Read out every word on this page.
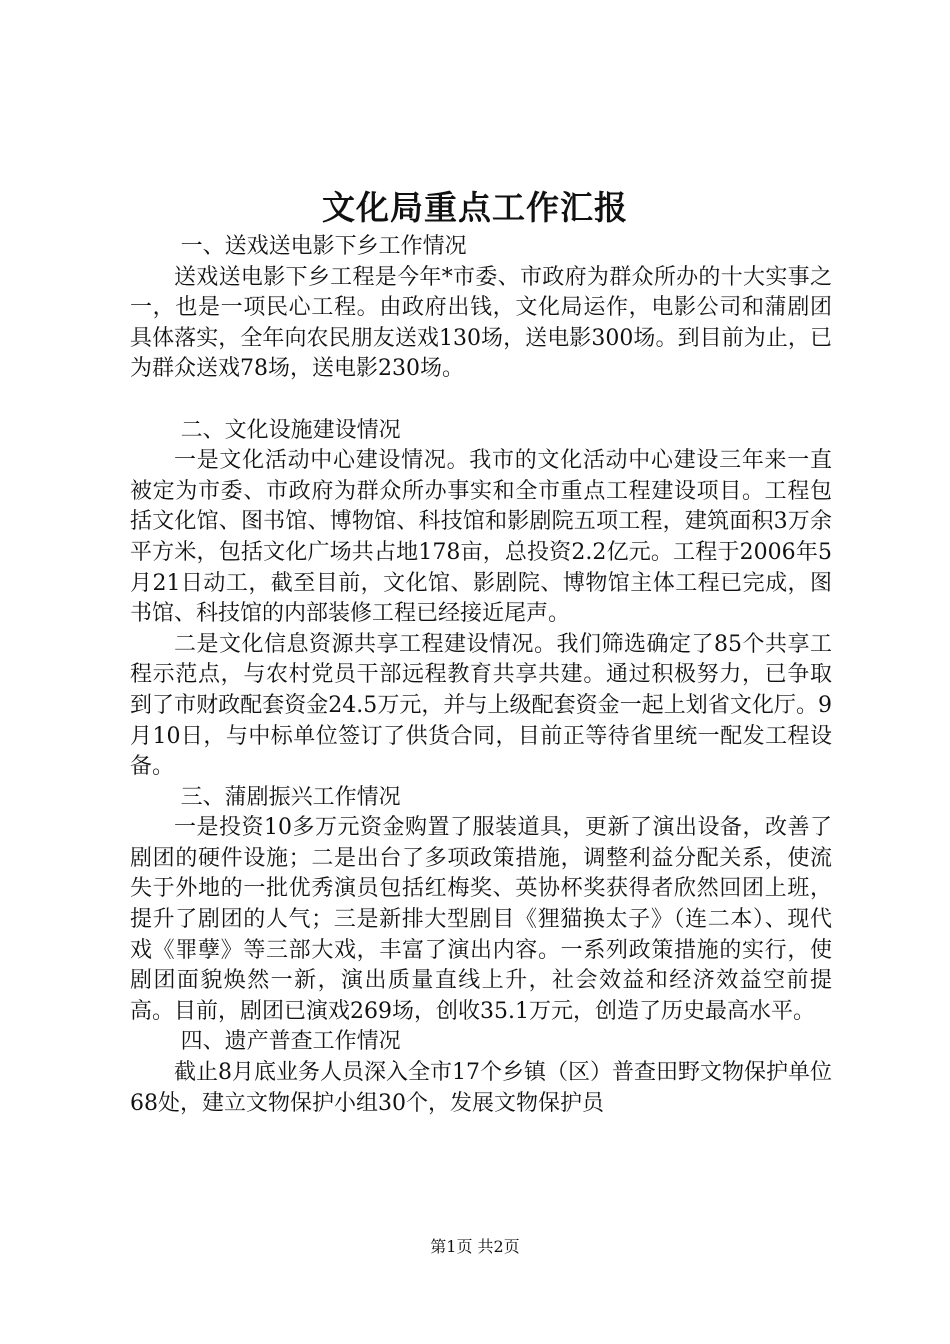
文化局重点工作汇报

一、送戏送电影下乡工作情况

送戏送电影下乡工程是今年*市委、市政府为群众所办的十大实事之一，也是一项民心工程。由政府出钱，文化局运作，电影公司和蒲剧团具体落实，全年向农民朋友送戏130场，送电影300场。到目前为止，已为群众送戏78场，送电影230场。

二、文化设施建设情况

一是文化活动中心建设情况。我市的文化活动中心建设三年来一直被定为市委、市政府为群众所办事实和全市重点工程建设项目。工程包括文化馆、图书馆、博物馆、科技馆和影剧院五项工程，建筑面积3万余平方米，包括文化广场共占地178亩，总投资2.2亿元。工程于2006年5月21日动工，截至目前，文化馆、影剧院、博物馆主体工程已完成，图书馆、科技馆的内部装修工程已经接近尾声。

二是文化信息资源共享工程建设情况。我们筛选确定了85个共享工程示范点，与农村党员干部远程教育共享共建。通过积极努力，已争取到了市财政配套资金24.5万元，并与上级配套资金一起上划省文化厅。9月10日，与中标单位签订了供货合同，目前正等待省里统一配发工程设备。

三、蒲剧振兴工作情况

一是投资10多万元资金购置了服装道具，更新了演出设备，改善了剧团的硬件设施；二是出台了多项政策措施，调整利益分配关系，使流失于外地的一批优秀演员包括红梅奖、英协杯奖获得者欣然回团上班，提升了剧团的人气；三是新排大型剧目《狸猫换太子》（连二本）、现代戏《罪孽》等三部大戏，丰富了演出内容。一系列政策措施的实行，使剧团面貌焕然一新，演出质量直线上升，社会效益和经济效益空前提高。目前，剧团已演戏269场，创收35.1万元，创造了历史最高水平。

四、遗产普查工作情况

截止8月底业务人员深入全市17个乡镇（区）普查田野文物保护单位68处，建立文物保护小组30个，发展文物保护员

第1页 共2页
